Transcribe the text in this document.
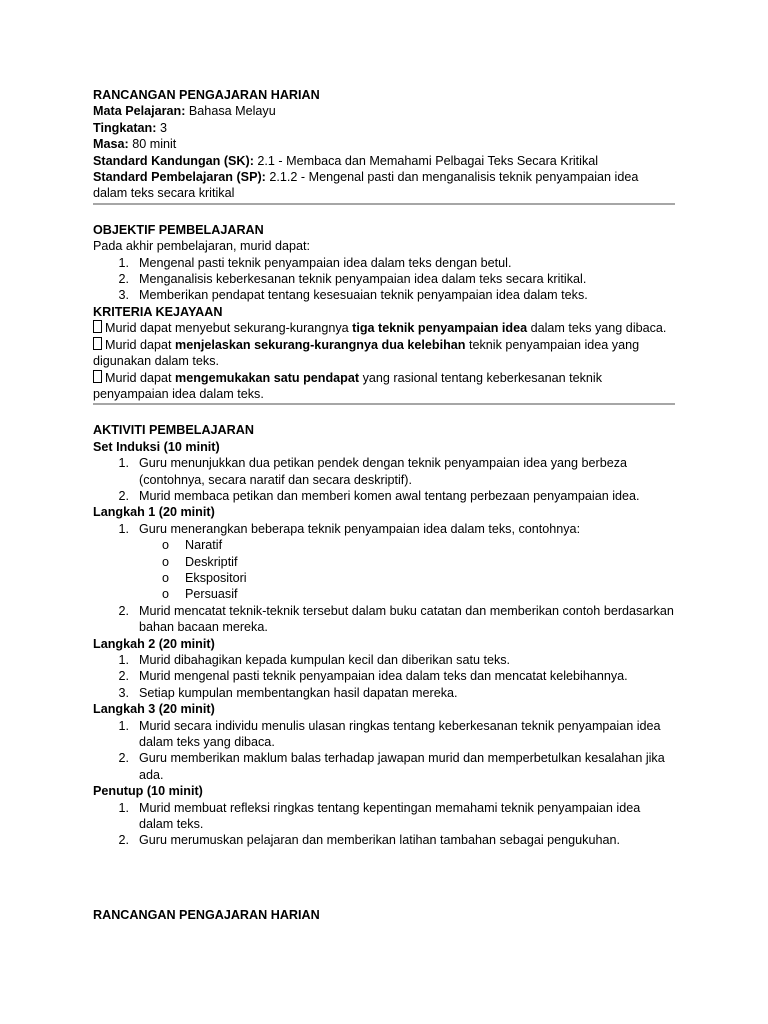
RANCANGAN PENGAJARAN HARIAN
Mata Pelajaran: Bahasa Melayu
Tingkatan: 3
Masa: 80 minit
Standard Kandungan (SK): 2.1 - Membaca dan Memahami Pelbagai Teks Secara Kritikal
Standard Pembelajaran (SP): 2.1.2 - Mengenal pasti dan menganalisis teknik penyampaian idea dalam teks secara kritikal
OBJEKTIF PEMBELAJARAN
Pada akhir pembelajaran, murid dapat:
1. Mengenal pasti teknik penyampaian idea dalam teks dengan betul.
2. Menganalisis keberkesanan teknik penyampaian idea dalam teks secara kritikal.
3. Memberikan pendapat tentang kesesuaian teknik penyampaian idea dalam teks.
KRITERIA KEJAYAAN
Murid dapat menyebut sekurang-kurangnya tiga teknik penyampaian idea dalam teks yang dibaca.
Murid dapat menjelaskan sekurang-kurangnya dua kelebihan teknik penyampaian idea yang digunakan dalam teks.
Murid dapat mengemukakan satu pendapat yang rasional tentang keberkesanan teknik penyampaian idea dalam teks.
AKTIVITI PEMBELAJARAN
Set Induksi (10 minit)
1. Guru menunjukkan dua petikan pendek dengan teknik penyampaian idea yang berbeza (contohnya, secara naratif dan secara deskriptif).
2. Murid membaca petikan dan memberi komen awal tentang perbezaan penyampaian idea.
Langkah 1 (20 minit)
1. Guru menerangkan beberapa teknik penyampaian idea dalam teks, contohnya:
o Naratif
o Deskriptif
o Ekspositori
o Persuasif
2. Murid mencatat teknik-teknik tersebut dalam buku catatan dan memberikan contoh berdasarkan bahan bacaan mereka.
Langkah 2 (20 minit)
1. Murid dibahagikan kepada kumpulan kecil dan diberikan satu teks.
2. Murid mengenal pasti teknik penyampaian idea dalam teks dan mencatat kelebihannya.
3. Setiap kumpulan membentangkan hasil dapatan mereka.
Langkah 3 (20 minit)
1. Murid secara individu menulis ulasan ringkas tentang keberkesanan teknik penyampaian idea dalam teks yang dibaca.
2. Guru memberikan maklum balas terhadap jawapan murid dan memperbetulkan kesalahan jika ada.
Penutup (10 minit)
1. Murid membuat refleksi ringkas tentang kepentingan memahami teknik penyampaian idea dalam teks.
2. Guru merumuskan pelajaran dan memberikan latihan tambahan sebagai pengukuhan.
RANCANGAN PENGAJARAN HARIAN
